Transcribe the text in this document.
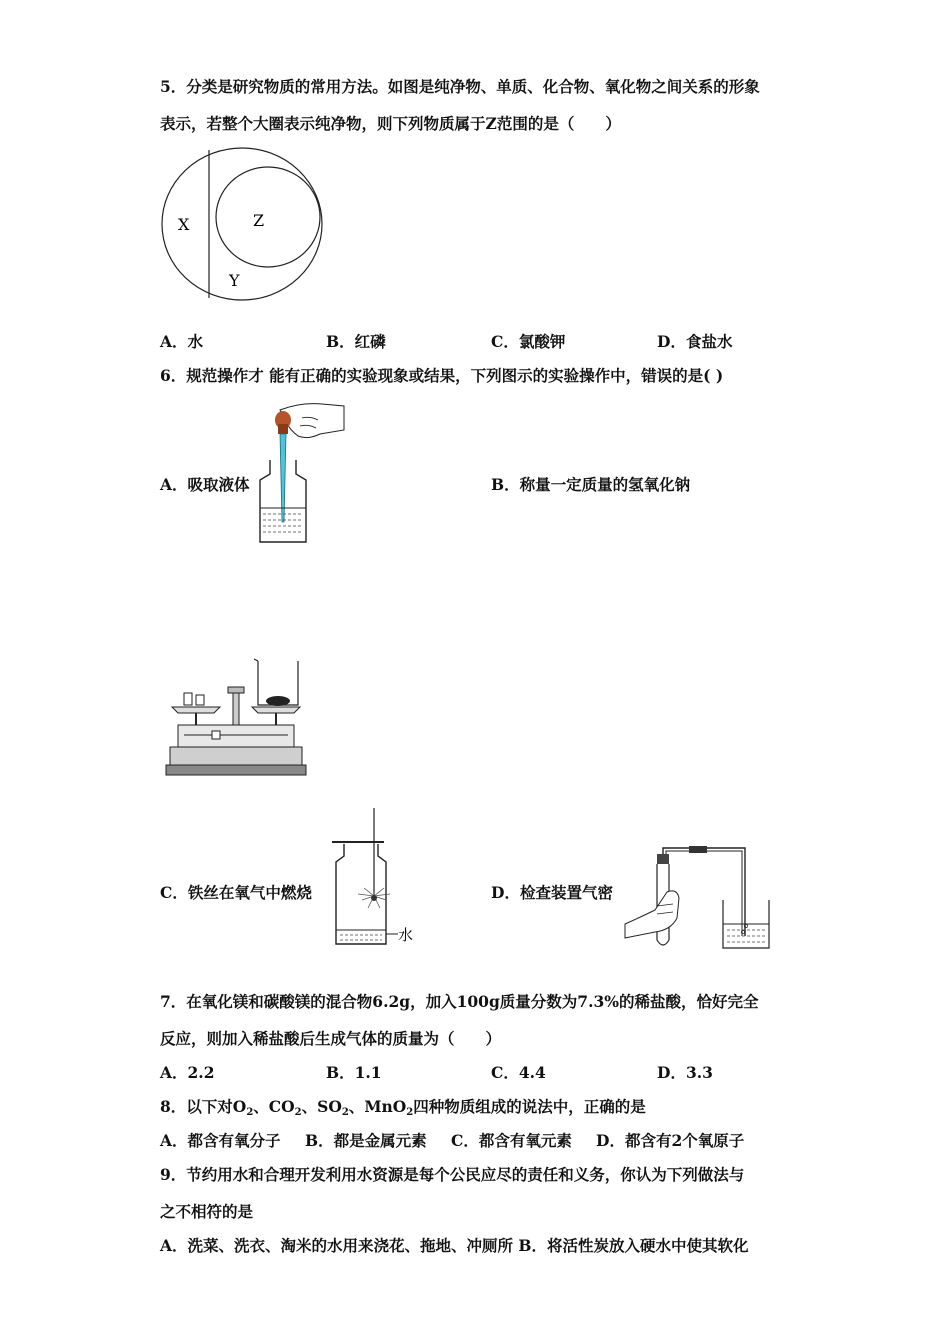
5．分类是研究物质的常用方法。如图是纯净物、单质、化合物、氧化物之间关系的形象
表示，若整个大圈表示纯净物，则下列物质属于Z范围的是（　　）
X	Z
Y
A．水	B．红磷	C．氯酸钾	D．食盐水
6．规范操作才 能有正确的实验现象或结果，下列图示的实验操作中，错误的是( )
A．吸取液体	B．称量一定质量的氢氧化钠
C．铁丝在氧气中燃烧
水
D．检查装置气密
7．在氧化镁和碳酸镁的混合物6.2g，加入100g质量分数为7.3%的稀盐酸，恰好完全
反应，则加入稀盐酸后生成气体的质量为（　　）
A．2.2	B．1.1	C．4.4	D．3.3
8．以下对$O_2$、$CO_2$、$SO_2$、MnO$_2$四种物质组成的说法中，正确的是
A．都含有氧分子 B．都是金属元素 C．都含有氧元素 D．都含有2个氧原子
9．节约用水和合理开发利用水资源是每个公民应尽的责任和义务，你认为下列做法与
之不相符的是
A．洗菜、洗衣、淘米的水用来浇花、拖地、冲厕所 B．将活性炭放入硬水中使其软化
